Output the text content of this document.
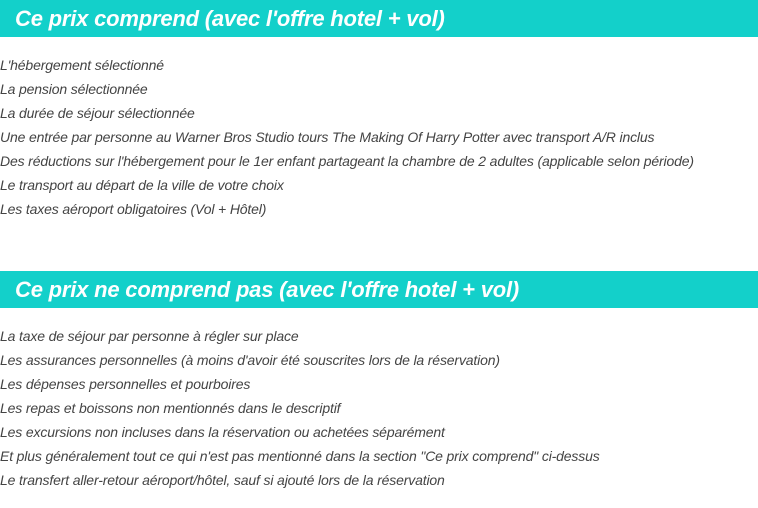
Ce prix comprend (avec l'offre hotel + vol)
L'hébergement sélectionné
La pension sélectionnée
La durée de séjour sélectionnée
Une entrée par personne au Warner Bros Studio tours The Making Of Harry Potter avec transport A/R inclus
Des réductions sur l'hébergement pour le 1er enfant partageant la chambre de 2 adultes (applicable selon période)
Le transport au départ de la ville de votre choix
Les taxes aéroport obligatoires (Vol + Hôtel)
Ce prix ne comprend pas (avec l'offre hotel + vol)
La taxe de séjour par personne à régler sur place
Les assurances personnelles (à moins d'avoir été souscrites lors de la réservation)
Les dépenses personnelles et pourboires
Les repas et boissons non mentionnés dans le descriptif
Les excursions non incluses dans la réservation ou achetées séparément
Et plus généralement tout ce qui n'est pas mentionné dans la section "Ce prix comprend" ci-dessus
Le transfert aller-retour aéroport/hôtel, sauf si ajouté lors de la réservation
